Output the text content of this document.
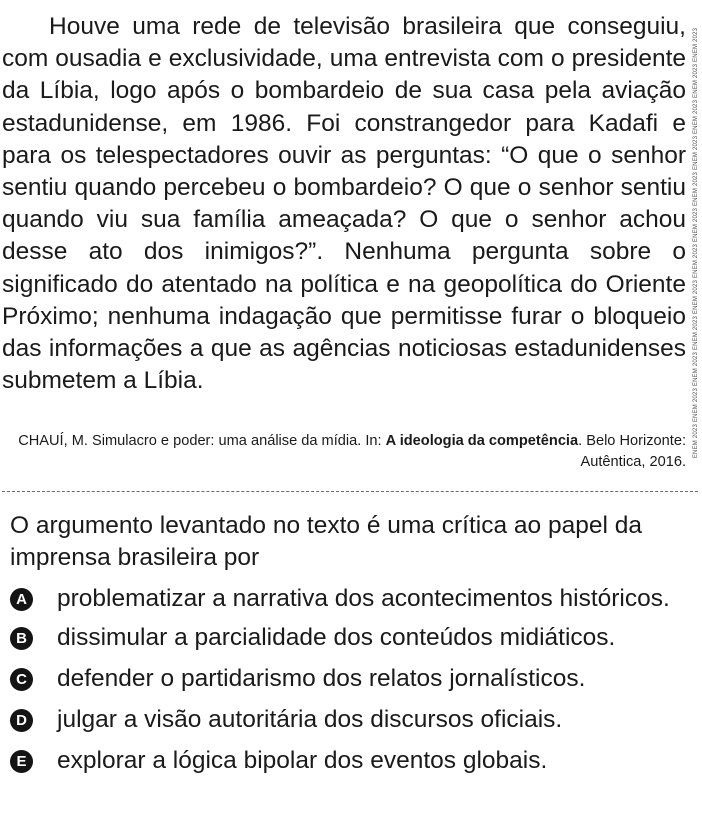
Houve uma rede de televisão brasileira que conseguiu, com ousadia e exclusividade, uma entrevista com o presidente da Líbia, logo após o bombardeio de sua casa pela aviação estadunidense, em 1986. Foi constrangedor para Kadafi e para os telespectadores ouvir as perguntas: “O que o senhor sentiu quando percebeu o bombardeio? O que o senhor sentiu quando viu sua família ameaçada? O que o senhor achou desse ato dos inimigos?”. Nenhuma pergunta sobre o significado do atentado na política e na geopolítica do Oriente Próximo; nenhuma indagação que permitisse furar o bloqueio das informações a que as agências noticiosas estadunidenses submetem a Líbia.	ENEM 2023 ENEM 2023 ENEM 2023 ENEM 2023 ENEM 2023 ENEM 2023 ENEM 2023 ENEM 2023 ENEM 2023 ENEM 2023 ENEM 2023 ENEM 2023

CHAUÍ, M. Simulacro e poder: uma análise da mídia. In: A ideologia da competência. Belo Horizonte: Autêntica, 2016.

O argumento levantado no texto é uma crítica ao papel da imprensa brasileira por

A problematizar a narrativa dos acontecimentos históricos.
B dissimular a parcialidade dos conteúdos midiáticos.
C defender o partidarismo dos relatos jornalísticos.
D julgar a visão autoritária dos discursos oficiais.
E explorar a lógica bipolar dos eventos globais.
